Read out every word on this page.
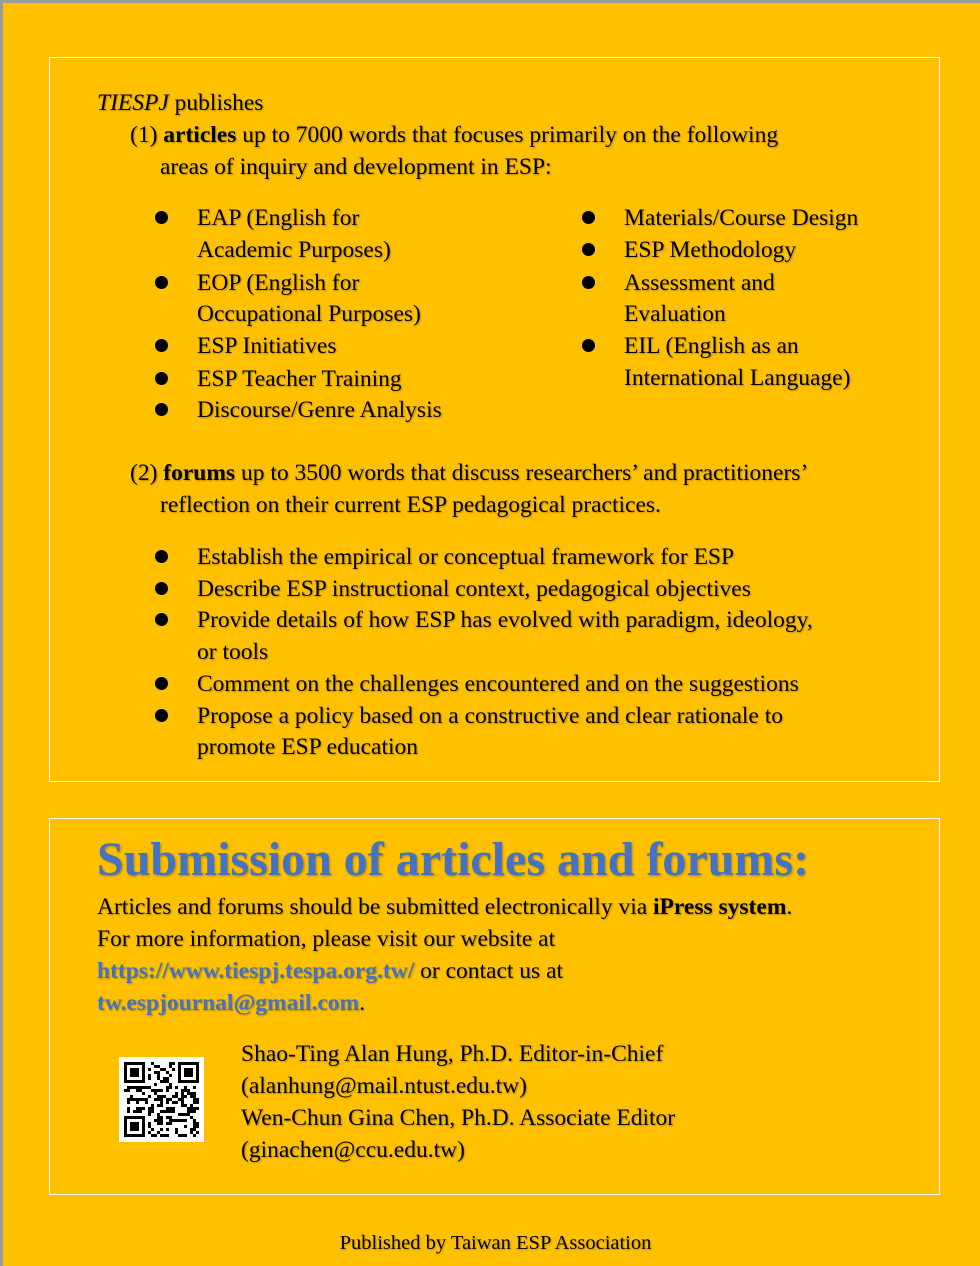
TIESPJ publishes
(1) articles up to 7000 words that focuses primarily on the following
areas of inquiry and development in ESP:
EAP (English for
Academic Purposes)
EOP (English for
Occupational Purposes)
ESP Initiatives
ESP Teacher Training
Discourse/Genre Analysis
Materials/Course Design
ESP Methodology
Assessment and
Evaluation
EIL (English as an
International Language)
(2) forums up to 3500 words that discuss researchers’ and practitioners’
reflection on their current ESP pedagogical practices.
Establish the empirical or conceptual framework for ESP
Describe ESP instructional context, pedagogical objectives
Provide details of how ESP has evolved with paradigm, ideology,
or tools
Comment on the challenges encountered and on the suggestions
Propose a policy based on a constructive and clear rationale to
promote ESP education
Submission of articles and forums:
Articles and forums should be submitted electronically via iPress system.
For more information, please visit our website at
https://www.tiespj.tespa.org.tw/ or contact us at
tw.espjournal@gmail.com.
Shao-Ting Alan Hung, Ph.D. Editor-in-Chief
(alanhung@mail.ntust.edu.tw)
Wen-Chun Gina Chen, Ph.D. Associate Editor
(ginachen@ccu.edu.tw)
Published by Taiwan ESP Association
